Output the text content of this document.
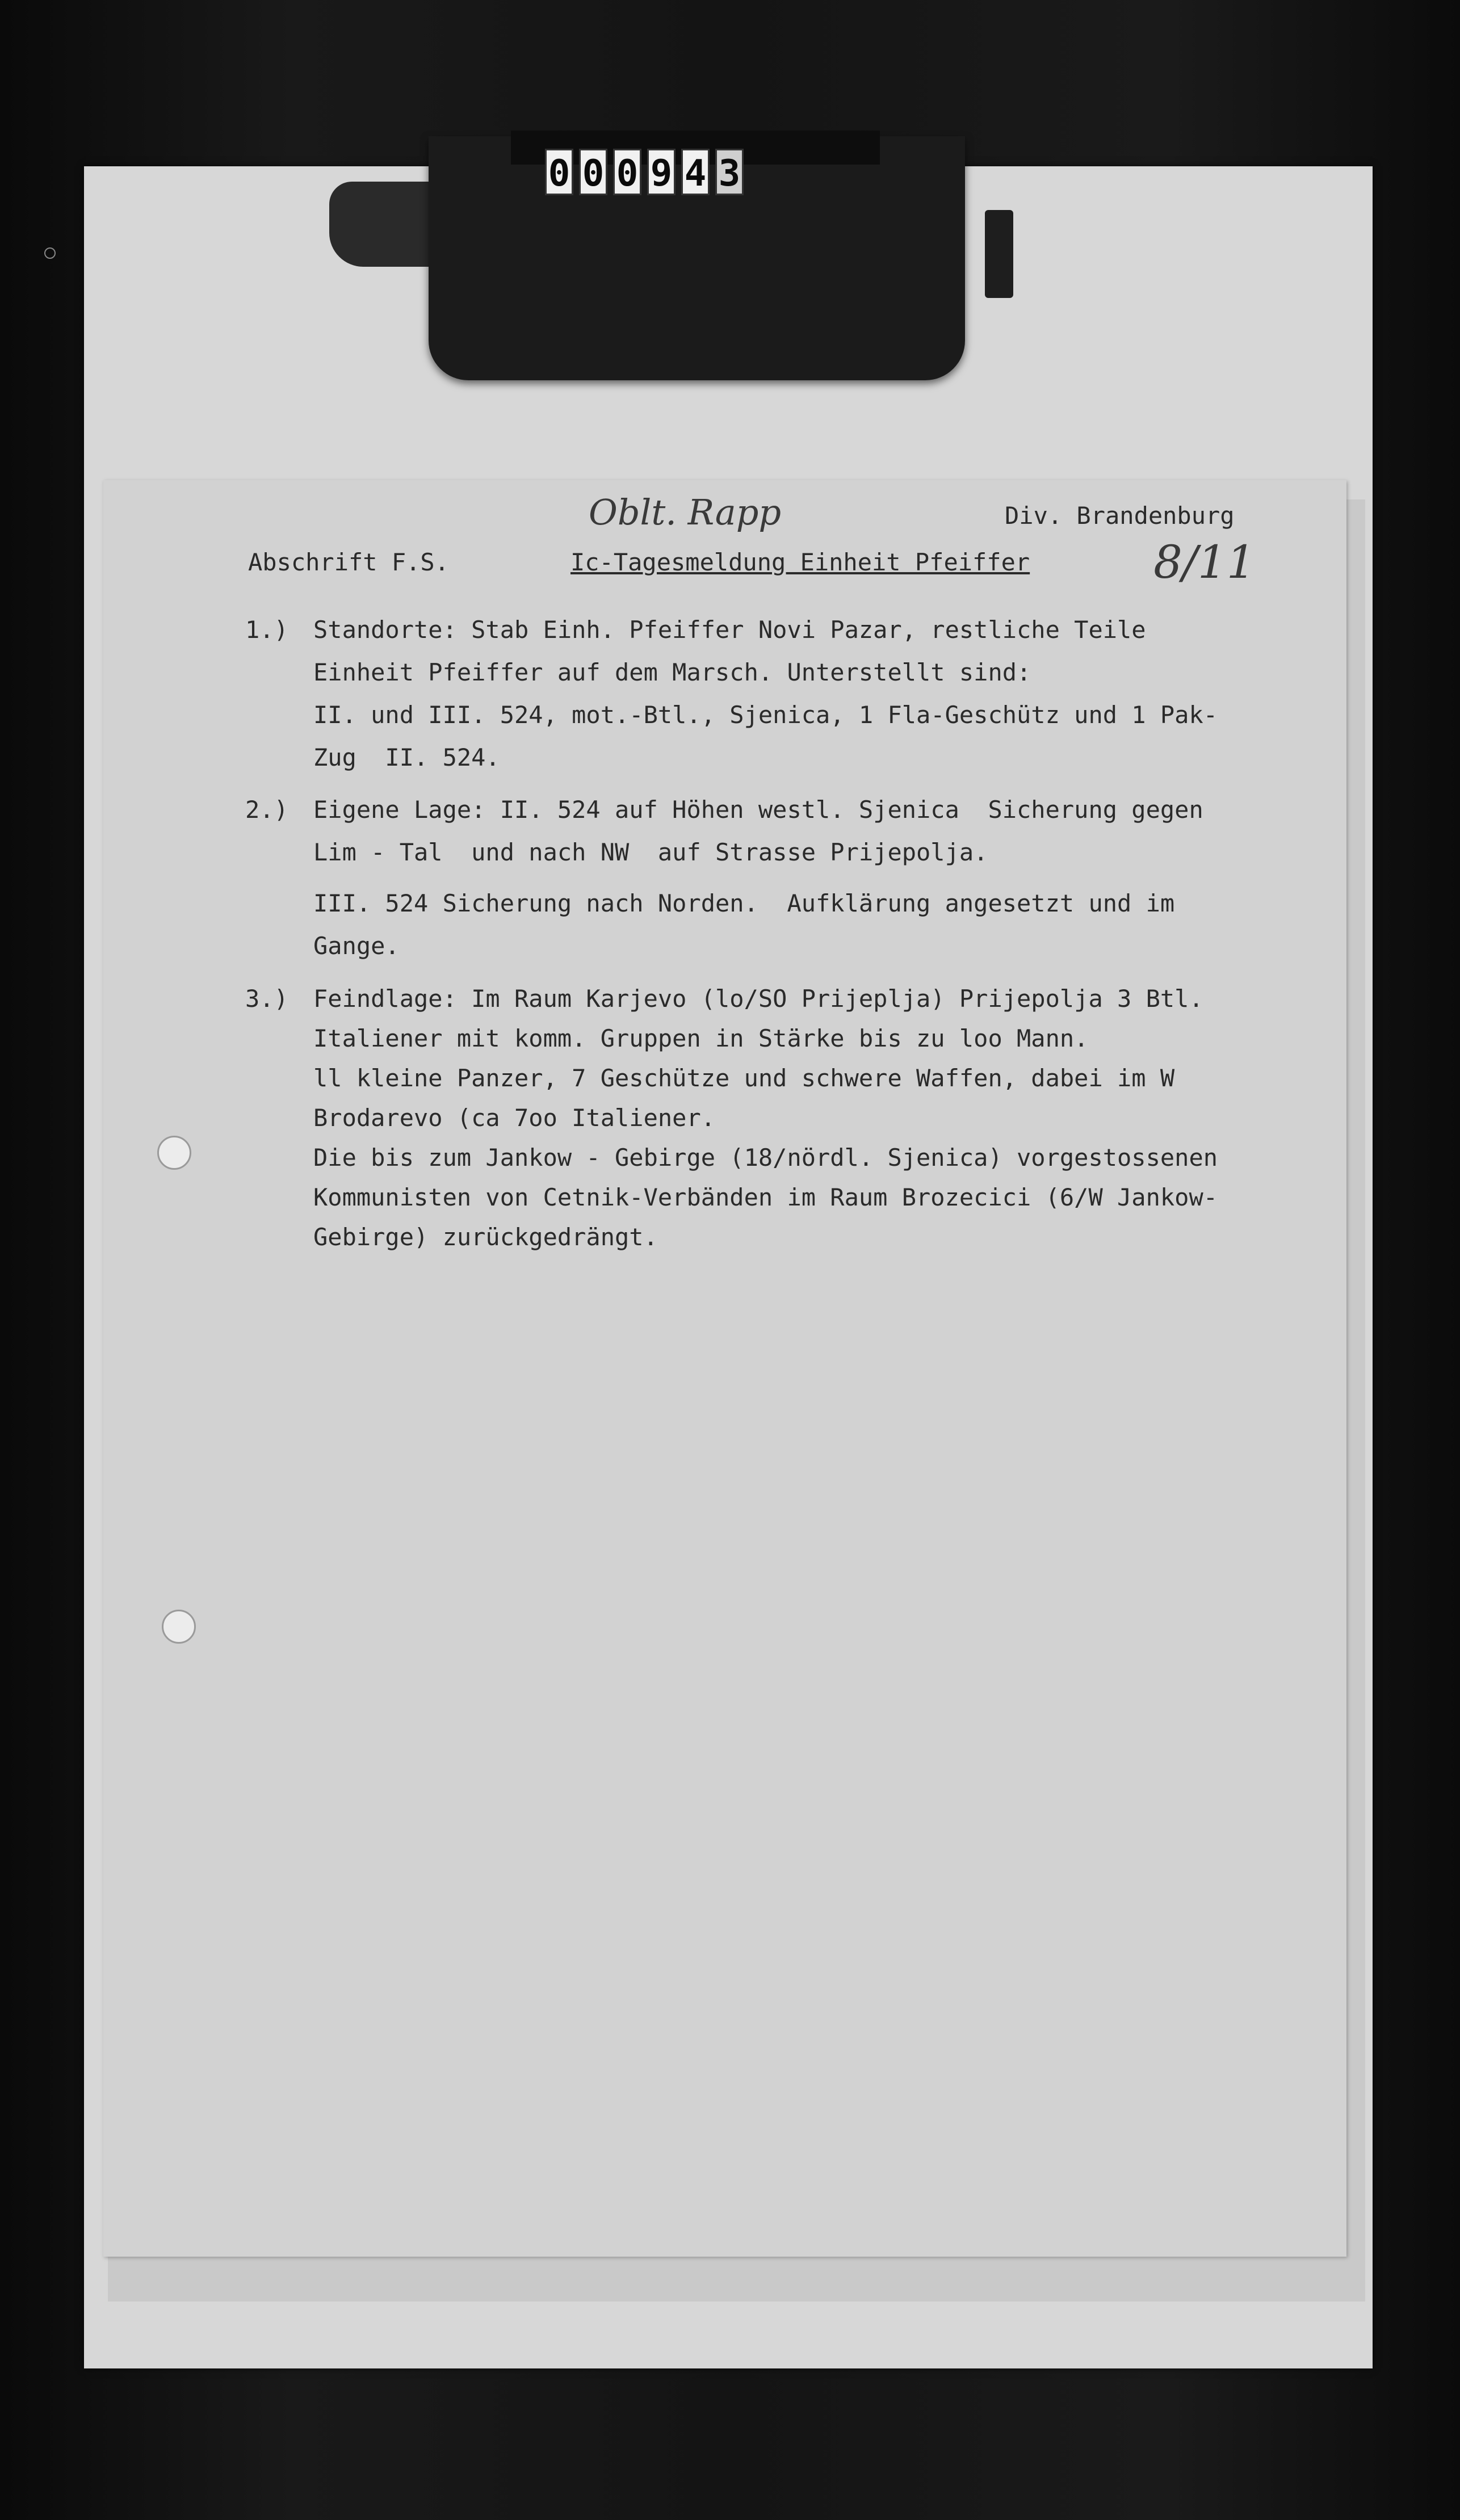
0 0 0 9 4 3
Oblt. Rapp	Div. Brandenburg
Abschrift F.S.	Ic-Tagesmeldung Einheit Pfeiffer	8/11
1.) Standorte: Stab Einh. Pfeiffer Novi Pazar, restliche Teile
Einheit Pfeiffer auf dem Marsch. Unterstellt sind:
II. und III. 524, mot.-Btl., Sjenica, 1 Fla-Geschütz und 1 Pak-
Zug  II. 524.
2.) Eigene Lage: II. 524 auf Höhen westl. Sjenica  Sicherung gegen
Lim - Tal  und nach NW  auf Strasse Prijepolja.
III. 524 Sicherung nach Norden.  Aufklärung angesetzt und im
Gange.
3.) Feindlage: Im Raum Karjevo (lo/SO Prijeplja) Prijepolja 3 Btl.
Italiener mit komm. Gruppen in Stärke bis zu loo Mann.
ll kleine Panzer, 7 Geschütze und schwere Waffen, dabei im W
Brodarevo (ca 7oo Italiener.
Die bis zum Jankow - Gebirge (18/nördl. Sjenica) vorgestossenen
Kommunisten von Cetnik-Verbänden im Raum Brozecici (6/W Jankow-
Gebirge) zurückgedrängt.
